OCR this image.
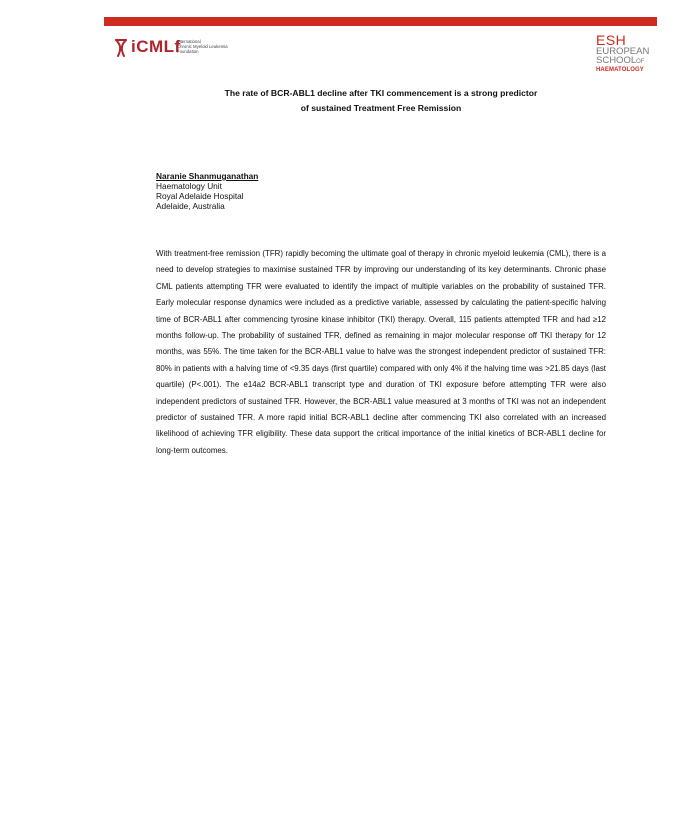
iCMLf
International
Chronic Myeloid Leukemia
Foundation
ESH
EUROPEAN
SCHOOLOF
HAEMATOLOGY
The rate of BCR-ABL1 decline after TKI commencement is a strong predictor
of sustained Treatment Free Remission
Naranie Shanmuganathan
Haematology Unit
Royal Adelaide Hospital
Adelaide, Australia
With treatment-free remission (TFR) rapidly becoming the ultimate goal of therapy in chronic myeloid leukemia (CML), there is a need to develop strategies to maximise sustained TFR by improving our understanding of its key determinants. Chronic phase CML patients attempting TFR were evaluated to identify the impact of multiple variables on the probability of sustained TFR. Early molecular response dynamics were included as a predictive variable, assessed by calculating the patient-specific halving time of BCR-ABL1 after commencing tyrosine kinase inhibitor (TKI) therapy. Overall, 115 patients attempted TFR and had ≥12 months follow-up. The probability of sustained TFR, defined as remaining in major molecular response off TKI therapy for 12 months, was 55%. The time taken for the BCR-ABL1 value to halve was the strongest independent predictor of sustained TFR: 80% in patients with a halving time of <9.35 days (first quartile) compared with only 4% if the halving time was >21.85 days (last quartile) (P<.001). The e14a2 BCR-ABL1 transcript type and duration of TKI exposure before attempting TFR were also independent predictors of sustained TFR. However, the BCR-ABL1 value measured at 3 months of TKI was not an independent predictor of sustained TFR. A more rapid initial BCR-ABL1 decline after commencing TKI also correlated with an increased likelihood of achieving TFR eligibility. These data support the critical importance of the initial kinetics of BCR-ABL1 decline for long-term outcomes.
